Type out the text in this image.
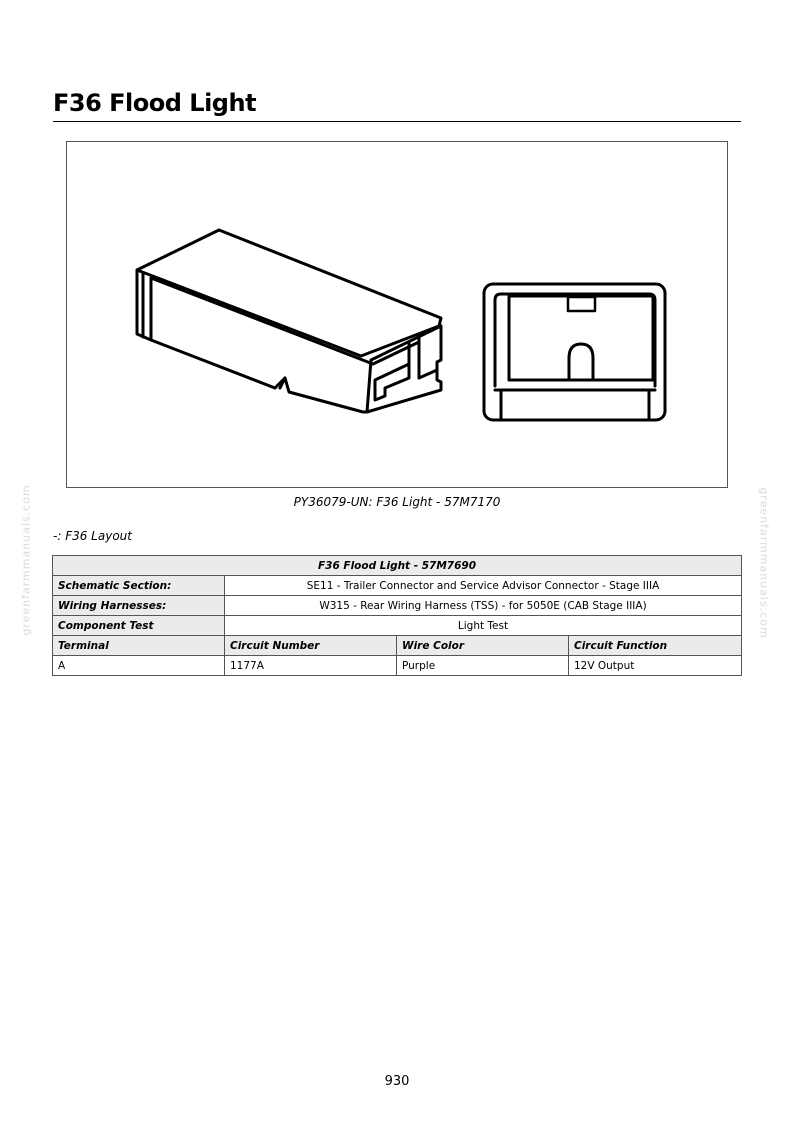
greenfarmmanuals.com	greenfarmmanuals.com
F36 Flood Light
PY36079-UN: F36 Light - 57M7170
-: F36 Layout
F36 Flood Light - 57M7690			
Schematic Section:	SE11 - Trailer Connector and Service Advisor Connector - Stage IIIA		
Wiring Harnesses:	W315 - Rear Wiring Harness (TSS) - for 5050E (CAB Stage IIIA)		
Component Test	Light Test		
Terminal	Circuit Number	Wire Color	Circuit Function
A	1177A	Purple	12V Output
930
